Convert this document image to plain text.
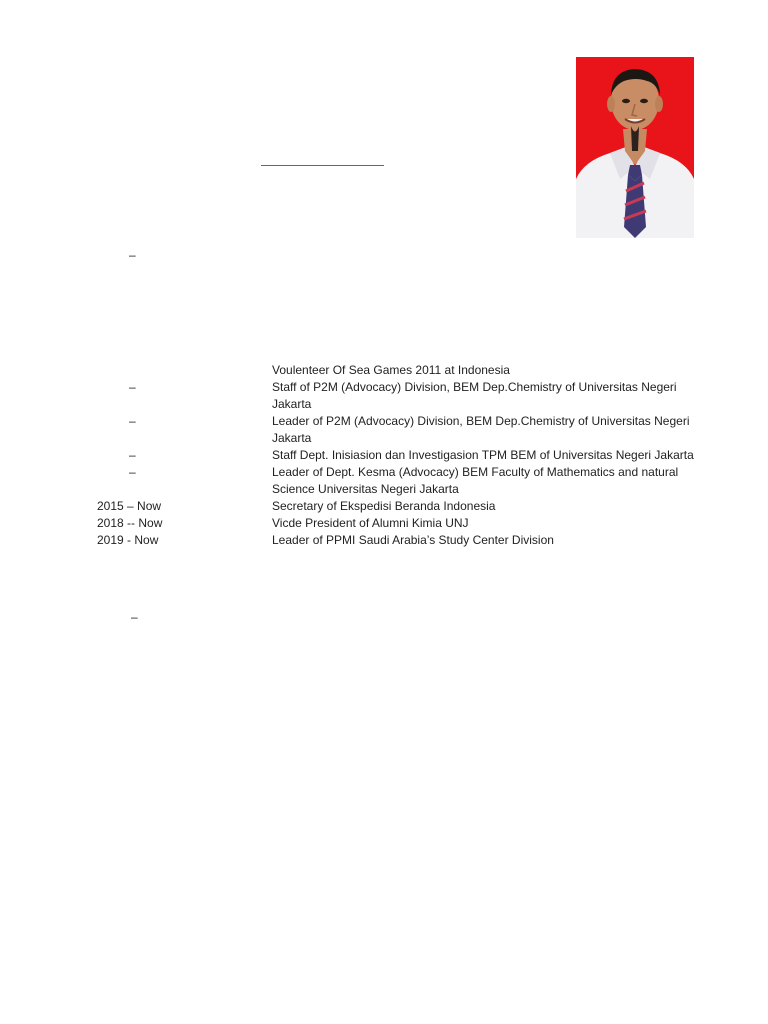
–
Voulenteer Of Sea Games 2011 at Indonesia
–	Staff of P2M (Advocacy) Division, BEM Dep.Chemistry of Universitas Negeri Jakarta
–	Leader of P2M (Advocacy) Division, BEM Dep.Chemistry of Universitas Negeri Jakarta
–	Staff Dept. Inisiasion dan Investigasion TPM BEM of Universitas Negeri Jakarta
–	Leader of Dept. Kesma (Advocacy) BEM Faculty of Mathematics and natural Science Universitas Negeri Jakarta
2015 – Now	Secretary of Ekspedisi Beranda Indonesia
2018 -- Now	Vicde President of Alumni Kimia UNJ
2019 - Now	Leader of PPMI Saudi Arabia’s Study Center Division
–
